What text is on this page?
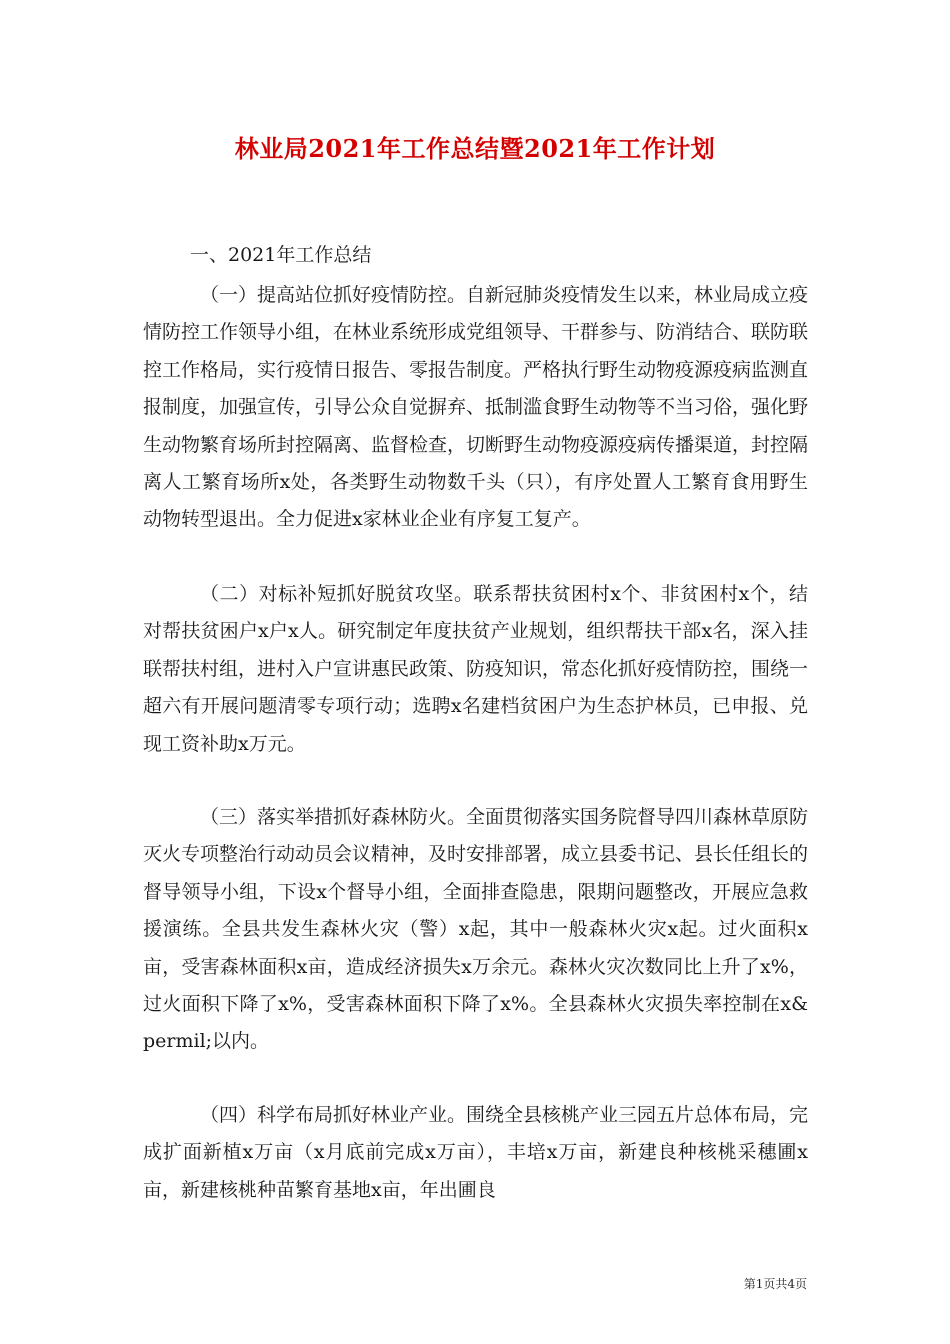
林业局2021年工作总结暨2021年工作计划
一、2021年工作总结

（一）提高站位抓好疫情防控。自新冠肺炎疫情发生以来，林业局成立疫情防控工作领导小组，在林业系统形成党组领导、干群参与、防消结合、联防联控工作格局，实行疫情日报告、零报告制度。严格执行野生动物疫源疫病监测直报制度，加强宣传，引导公众自觉摒弃、抵制滥食野生动物等不当习俗，强化野生动物繁育场所封控隔离、监督检查，切断野生动物疫源疫病传播渠道，封控隔离人工繁育场所x处，各类野生动物数千头（只），有序处置人工繁育食用野生动物转型退出。全力促进x家林业企业有序复工复产。

（二）对标补短抓好脱贫攻坚。联系帮扶贫困村x个、非贫困村x个，结对帮扶贫困户x户x人。研究制定年度扶贫产业规划，组织帮扶干部x名，深入挂联帮扶村组，进村入户宣讲惠民政策、防疫知识，常态化抓好疫情防控，围绕一超六有开展问题清零专项行动；选聘x名建档贫困户为生态护林员，已申报、兑现工资补助x万元。

（三）落实举措抓好森林防火。全面贯彻落实国务院督导四川森林草原防灭火专项整治行动动员会议精神，及时安排部署，成立县委书记、县长任组长的督导领导小组，下设x个督导小组，全面排查隐患，限期问题整改，开展应急救援演练。全县共发生森林火灾（警）x起，其中一般森林火灾x起。过火面积x亩，受害森林面积x亩，造成经济损失x万余元。森林火灾次数同比上升了x%，过火面积下降了x%，受害森林面积下降了x%。全县森林火灾损失率控制在x&permil;以内。

（四）科学布局抓好林业产业。围绕全县核桃产业三园五片总体布局，完成扩面新植x万亩（x月底前完成x万亩），丰培x万亩，新建良种核桃采穗圃x亩，新建核桃种苗繁育基地x亩，年出圃良

第1页共4页
